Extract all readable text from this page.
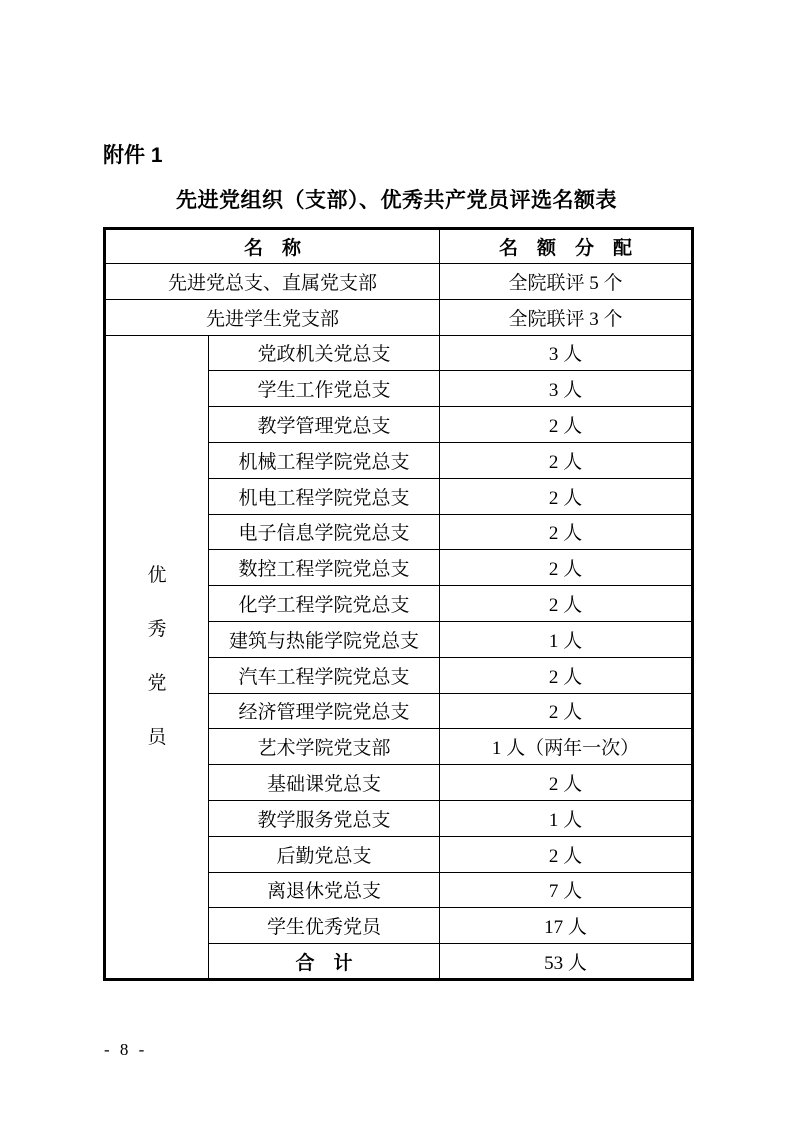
附件 1
先进党组织（支部）、优秀共产党员评选名额表
名　称		名　额　分　配
先进党总支、直属党支部		全院联评 5 个
先进学生党支部		全院联评 3 个

优秀党员	党政机关党总支	3 人
	学生工作党总支	3 人
	教学管理党总支	2 人
	机械工程学院党总支	2 人
	机电工程学院党总支	2 人
	电子信息学院党总支	2 人
	数控工程学院党总支	2 人
	化学工程学院党总支	2 人
	建筑与热能学院党总支	1 人
	汽车工程学院党总支	2 人
	经济管理学院党总支	2 人
	艺术学院党支部	1 人（两年一次）
	基础课党总支	2 人
	教学服务党总支	1 人
	后勤党总支	2 人
	离退休党总支	7 人
	学生优秀党员	17 人
	合　计	53 人
- 8 -
